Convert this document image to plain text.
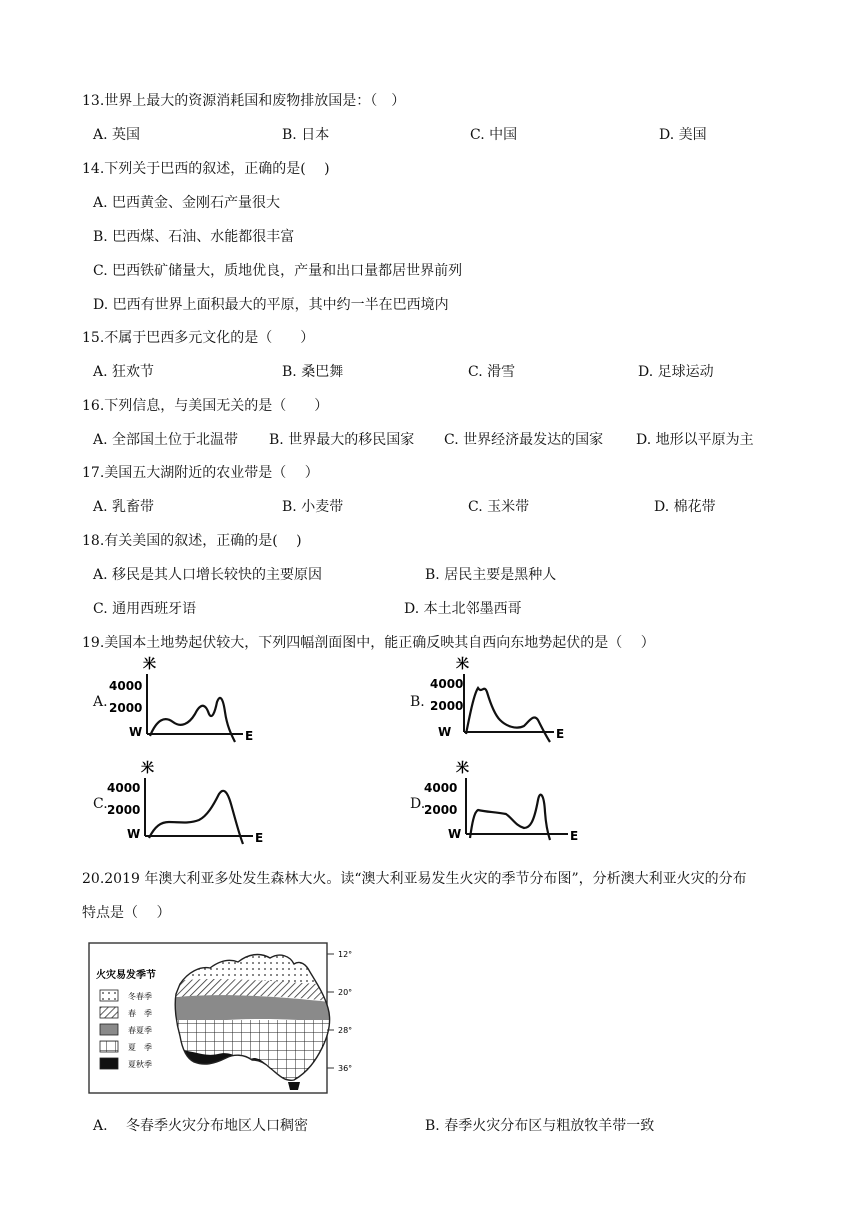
13.世界上最大的资源消耗国和废物排放国是：（　）
A. 英国	B. 日本	C. 中国	D. 美国
14.下列关于巴西的叙述，正确的是(　 )
A. 巴西黄金、金刚石产量很大
B. 巴西煤、石油、水能都很丰富
C. 巴西铁矿储量大，质地优良，产量和出口量都居世界前列
D. 巴西有世界上面积最大的平原，其中约一半在巴西境内
15.不属于巴西多元文化的是（　　）
A. 狂欢节	B. 桑巴舞	C. 滑雪	D. 足球运动
16.下列信息，与美国无关的是（　　）
A. 全部国土位于北温带 B. 世界最大的移民国家 C. 世界经济最发达的国家 D. 地形以平原为主
17.美国五大湖附近的农业带是（　 ）
A. 乳畜带	B. 小麦带	C. 玉米带	D. 棉花带
18.有关美国的叙述，正确的是(　 )
A. 移民是其人口增长较快的主要原因	B. 居民主要是黑种人
C. 通用西班牙语	D. 本土北邻墨西哥
19.美国本土地势起伏较大，下列四幅剖面图中，能正确反映其自西向东地势起伏的是（　 ）
A.	B.
C.	D.
米
4000
2000
W	E
米
4000
2000
W	E
米
4000
2000
W	E
米
4000
2000
W	E
20.2019 年澳大利亚多处发生森林大火。读“澳大利亚易发生火灾的季节分布图”，分析澳大利亚火灾的分布
特点是（　 ）
火灾易发季节
冬春季
春　季
春夏季
夏　季
夏秋季
12°
20°
28°
36°
A.　 冬春季火灾分布地区人口稠密	B. 春季火灾分布区与粗放牧羊带一致
